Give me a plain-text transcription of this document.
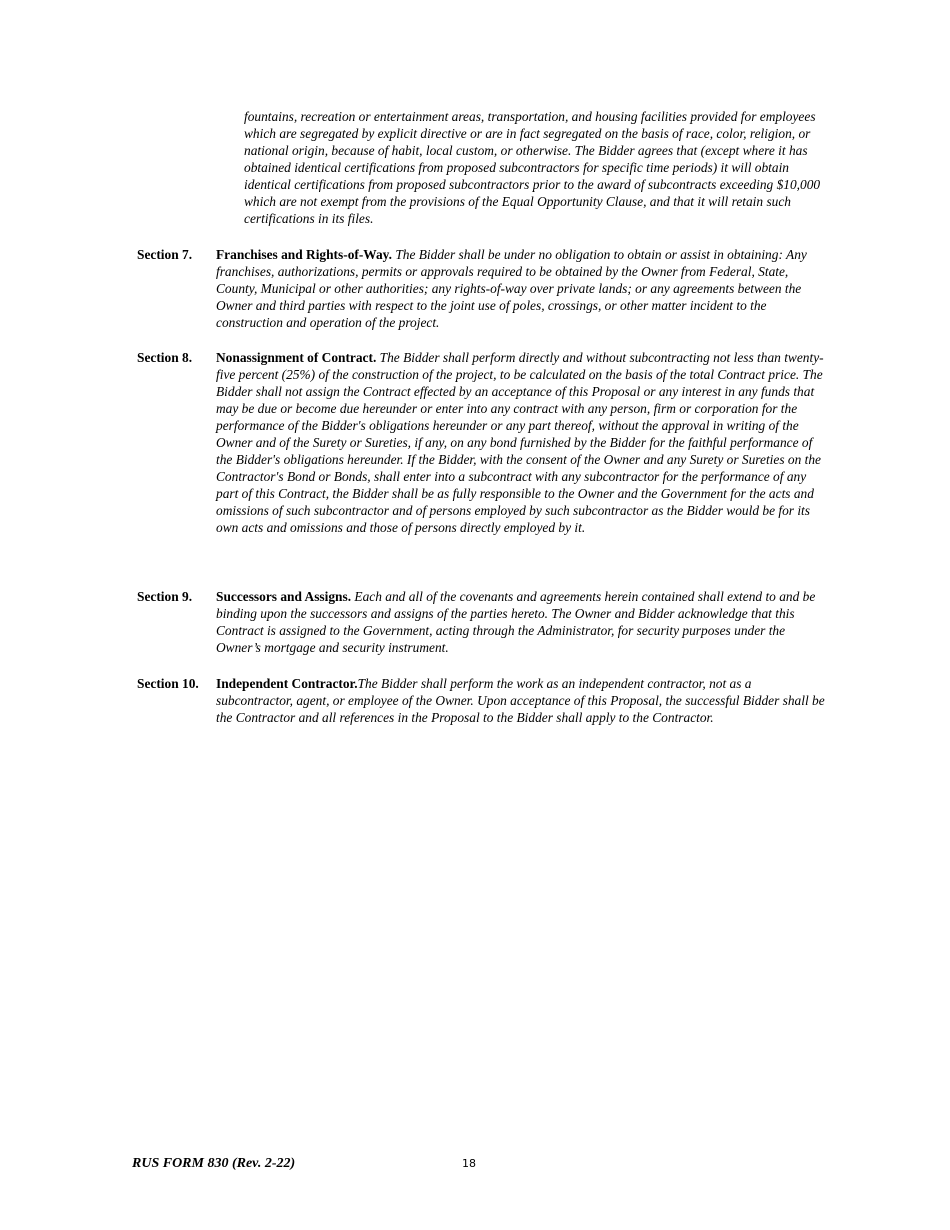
fountains, recreation or entertainment areas, transportation, and housing facilities provided for employees which are segregated by explicit directive or are in fact segregated on the basis of race, color, religion, or national origin, because of habit, local custom, or otherwise. The Bidder agrees that (except where it has obtained identical certifications from proposed subcontractors for specific time periods) it will obtain identical certifications from proposed subcontractors prior to the award of subcontracts exceeding $10,000 which are not exempt from the provisions of the Equal Opportunity Clause, and that it will retain such certifications in its files.

Section 7. Franchises and Rights-of-Way. The Bidder shall be under no obligation to obtain or assist in obtaining: Any franchises, authorizations, permits or approvals required to be obtained by the Owner from Federal, State, County, Municipal or other authorities; any rights-of-way over private lands; or any agreements between the Owner and third parties with respect to the joint use of poles, crossings, or other matter incident to the construction and operation of the project.

Section 8. Nonassignment of Contract. The Bidder shall perform directly and without subcontracting not less than twenty-five percent (25%) of the construction of the project, to be calculated on the basis of the total Contract price. The Bidder shall not assign the Contract effected by an acceptance of this Proposal or any interest in any funds that may be due or become due hereunder or enter into any contract with any person, firm or corporation for the performance of the Bidder's obligations hereunder or any part thereof, without the approval in writing of the Owner and of the Surety or Sureties, if any, on any bond furnished by the Bidder for the faithful performance of the Bidder's obligations hereunder. If the Bidder, with the consent of the Owner and any Surety or Sureties on the Contractor's Bond or Bonds, shall enter into a subcontract with any subcontractor for the performance of any part of this Contract, the Bidder shall be as fully responsible to the Owner and the Government for the acts and omissions of such subcontractor and of persons employed by such subcontractor as the Bidder would be for its own acts and omissions and those of persons directly employed by it.

Section 9. Successors and Assigns. Each and all of the covenants and agreements herein contained shall extend to and be binding upon the successors and assigns of the parties hereto. The Owner and Bidder acknowledge that this Contract is assigned to the Government, acting through the Administrator, for security purposes under the Owner’s mortgage and security instrument.

Section 10. Independent Contractor.The Bidder shall perform the work as an independent contractor, not as a subcontractor, agent, or employee of the Owner. Upon acceptance of this Proposal, the successful Bidder shall be the Contractor and all references in the Proposal to the Bidder shall apply to the Contractor.

RUS FORM 830 (Rev. 2-22)	18
